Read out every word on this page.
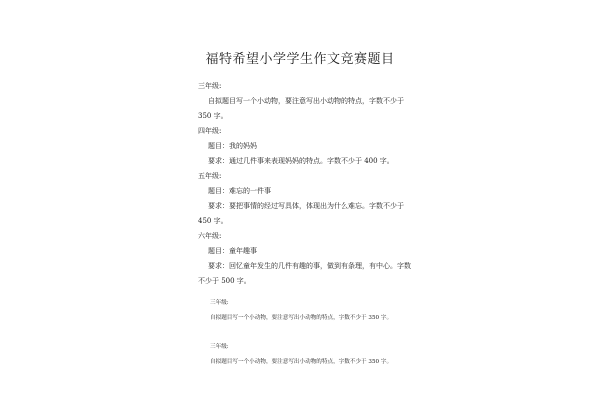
福特希望小学学生作文竞赛题目
三年级:
自拟题目写一个小动物，要注意写出小动物的特点，字数不少于
350 字。
四年级:
题目：我的妈妈
要求：通过几件事来表现妈妈的特点。字数不少于 400 字。
五年级:
题目：难忘的一件事
要求：要把事情的经过写具体，体现出为什么难忘。字数不少于
450 字。
六年级:
题目：童年趣事
要求：回忆童年发生的几件有趣的事，做到有条理，有中心。字数
不少于 500 字。
三年级:
自拟题目写一个小动物，要注意写出小动物的特点，字数不少于 350 字。
三年级:
自拟题目写一个小动物，要注意写出小动物的特点，字数不少于 350 字。
